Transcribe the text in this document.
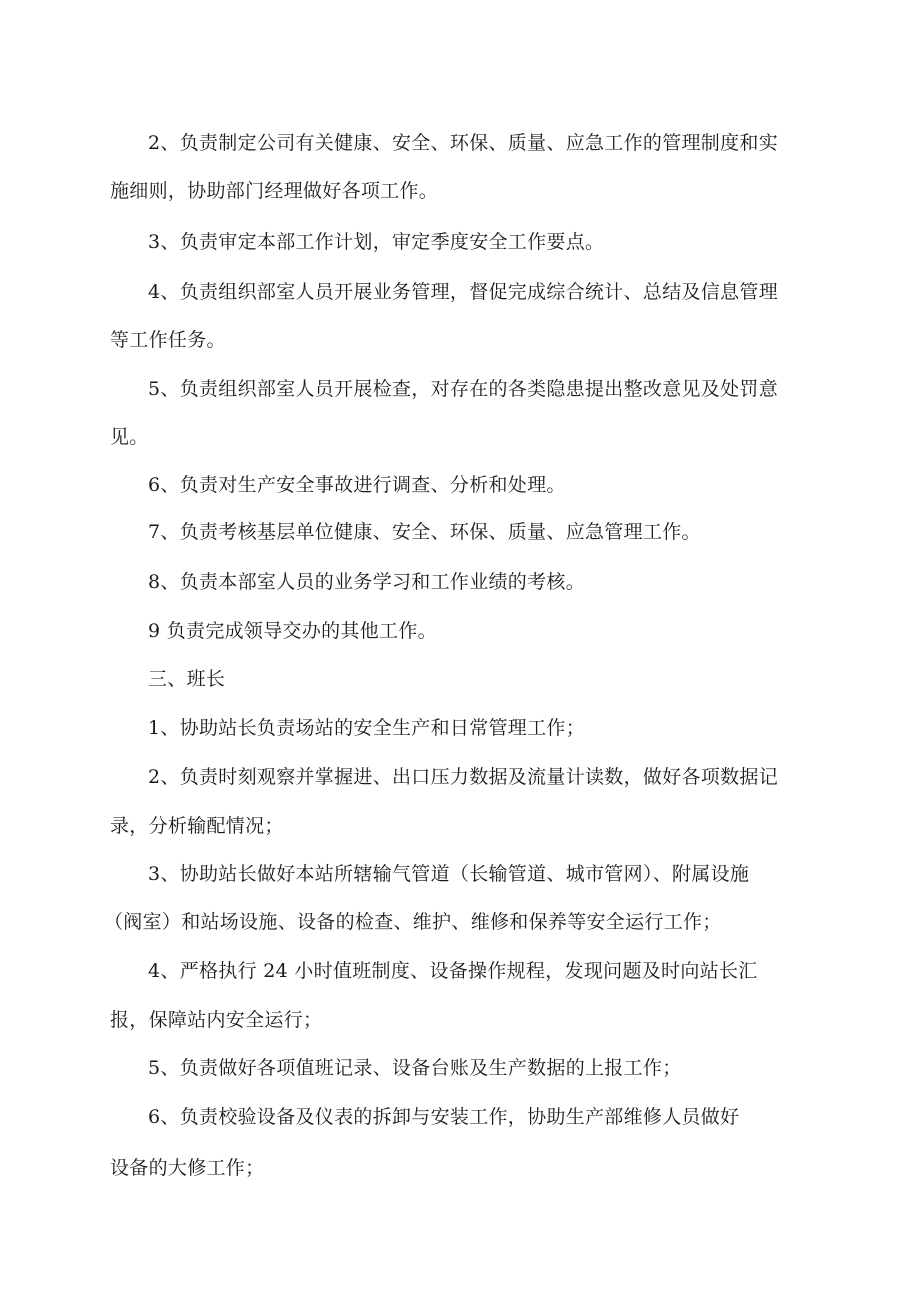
2、负责制定公司有关健康、安全、环保、质量、应急工作的管理制度和实

施细则，协助部门经理做好各项工作。

3、负责审定本部工作计划，审定季度安全工作要点。

4、负责组织部室人员开展业务管理，督促完成综合统计、总结及信息管理

等工作任务。

5、负责组织部室人员开展检查，对存在的各类隐患提出整改意见及处罚意

见。

6、负责对生产安全事故进行调查、分析和处理。

7、负责考核基层单位健康、安全、环保、质量、应急管理工作。

8、负责本部室人员的业务学习和工作业绩的考核。

9 负责完成领导交办的其他工作。

三、班长

1、协助站长负责场站的安全生产和日常管理工作；

2、负责时刻观察并掌握进、出口压力数据及流量计读数，做好各项数据记

录，分析输配情况；

3、协助站长做好本站所辖输气管道（长输管道、城市管网）、附属设施

（阀室）和站场设施、设备的检查、维护、维修和保养等安全运行工作；

4、严格执行 24 小时值班制度、设备操作规程，发现问题及时向站长汇

报，保障站内安全运行；

5、负责做好各项值班记录、设备台账及生产数据的上报工作；

6、负责校验设备及仪表的拆卸与安装工作，协助生产部维修人员做好

设备的大修工作；
